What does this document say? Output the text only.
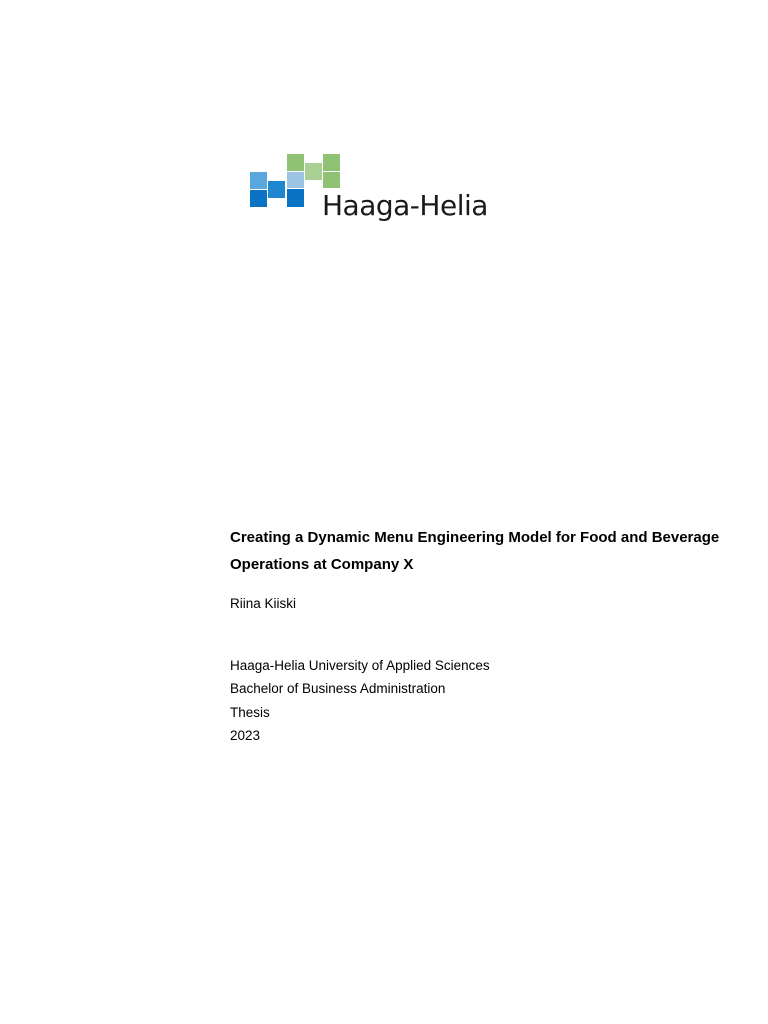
Haaga-Helia
Creating a Dynamic Menu Engineering Model for Food and Beverage Operations at Company X

Riina Kiiski

Haaga-Helia University of Applied Sciences
Bachelor of Business Administration
Thesis
2023
